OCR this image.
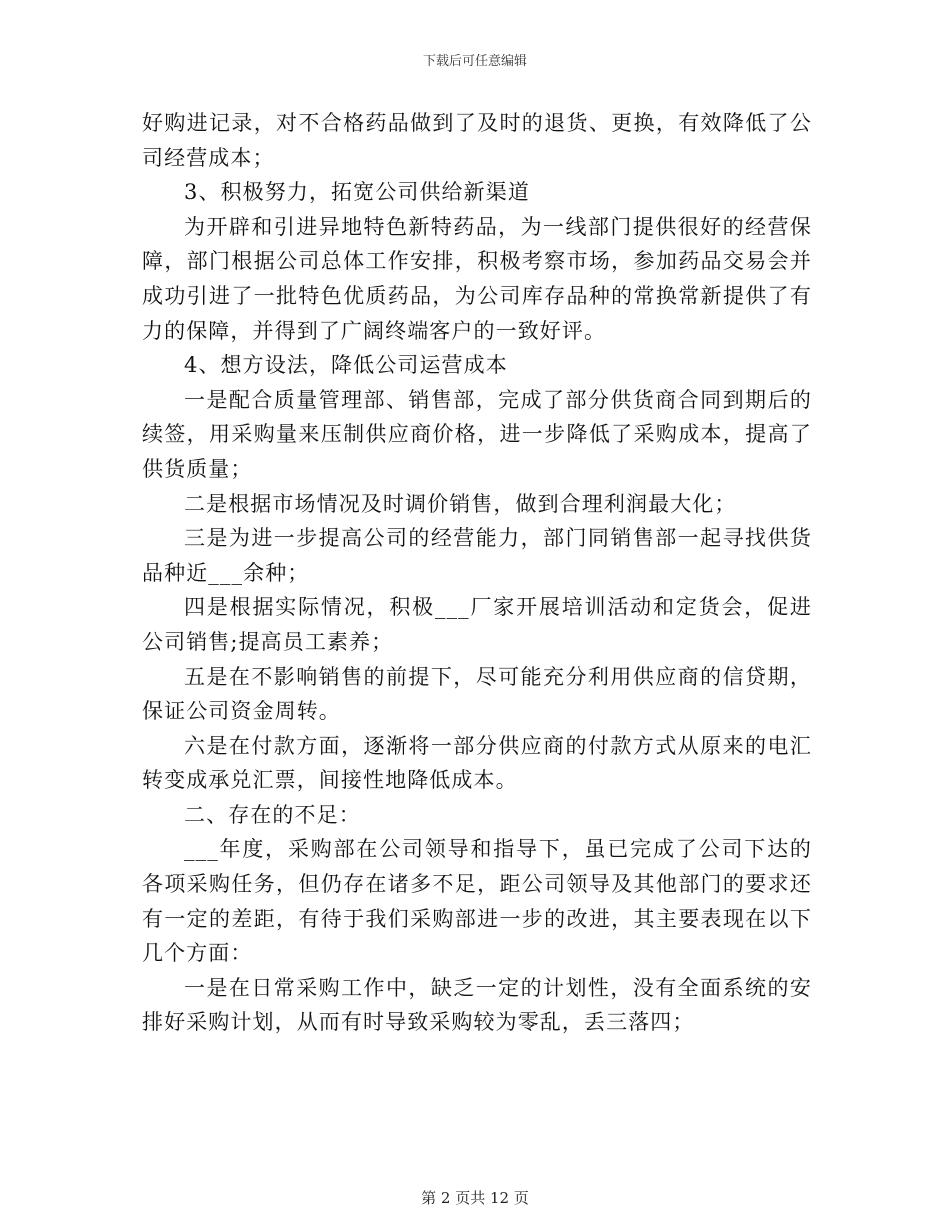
下载后可任意编辑

好购进记录，对不合格药品做到了及时的退货、更换，有效降低了公司经营成本；

3、积极努力，拓宽公司供给新渠道

为开辟和引进异地特色新特药品，为一线部门提供很好的经营保障，部门根据公司总体工作安排，积极考察市场，参加药品交易会并成功引进了一批特色优质药品，为公司库存品种的常换常新提供了有力的保障，并得到了广阔终端客户的一致好评。

4、想方设法，降低公司运营成本

一是配合质量管理部、销售部，完成了部分供货商合同到期后的续签，用采购量来压制供应商价格，进一步降低了采购成本，提高了供货质量；

二是根据市场情况及时调价销售，做到合理利润最大化；

三是为进一步提高公司的经营能力，部门同销售部一起寻找供货品种近___余种；

四是根据实际情况，积极___厂家开展培训活动和定货会，促进公司销售;提高员工素养；

五是在不影响销售的前提下，尽可能充分利用供应商的信贷期，保证公司资金周转。

六是在付款方面，逐渐将一部分供应商的付款方式从原来的电汇转变成承兑汇票，间接性地降低成本。

二、存在的不足：

___年度，采购部在公司领导和指导下，虽已完成了公司下达的各项采购任务，但仍存在诸多不足，距公司领导及其他部门的要求还有一定的差距，有待于我们采购部进一步的改进，其主要表现在以下几个方面：

一是在日常采购工作中，缺乏一定的计划性，没有全面系统的安排好采购计划，从而有时导致采购较为零乱，丢三落四；

第 2 页共 12 页
